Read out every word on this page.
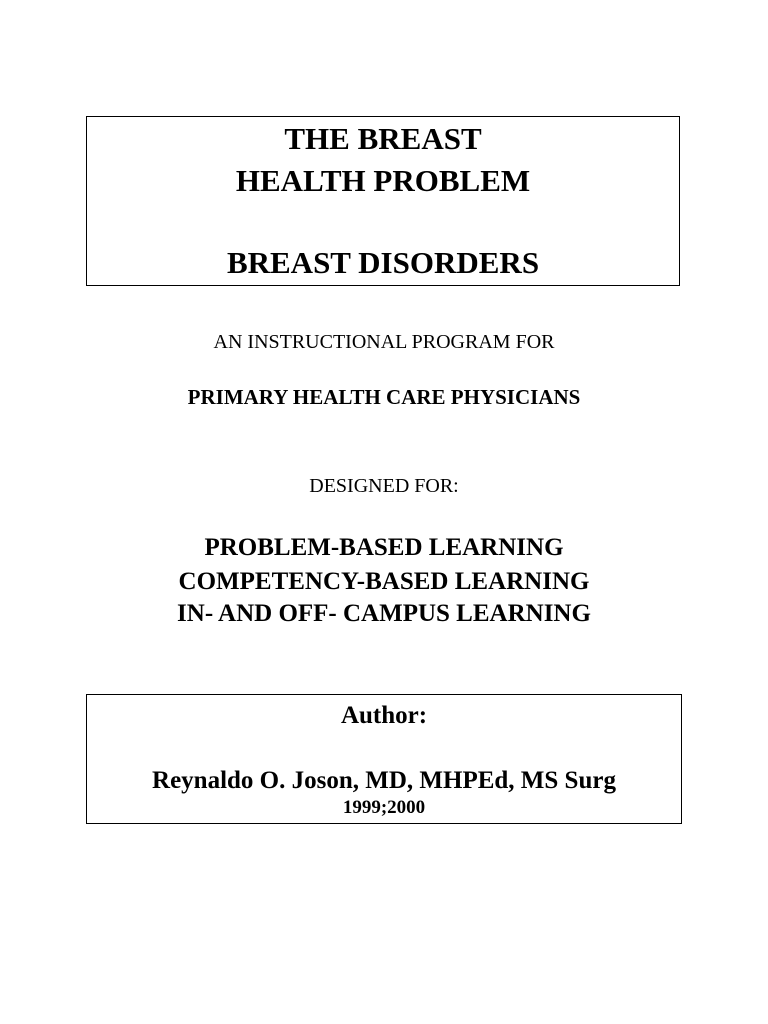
THE BREAST
HEALTH PROBLEM
BREAST DISORDERS
AN INSTRUCTIONAL PROGRAM FOR
PRIMARY HEALTH CARE PHYSICIANS
DESIGNED FOR:
PROBLEM-BASED LEARNING
COMPETENCY-BASED LEARNING
IN- AND OFF- CAMPUS LEARNING
Author:
Reynaldo O. Joson, MD, MHPEd, MS Surg
1999;2000
